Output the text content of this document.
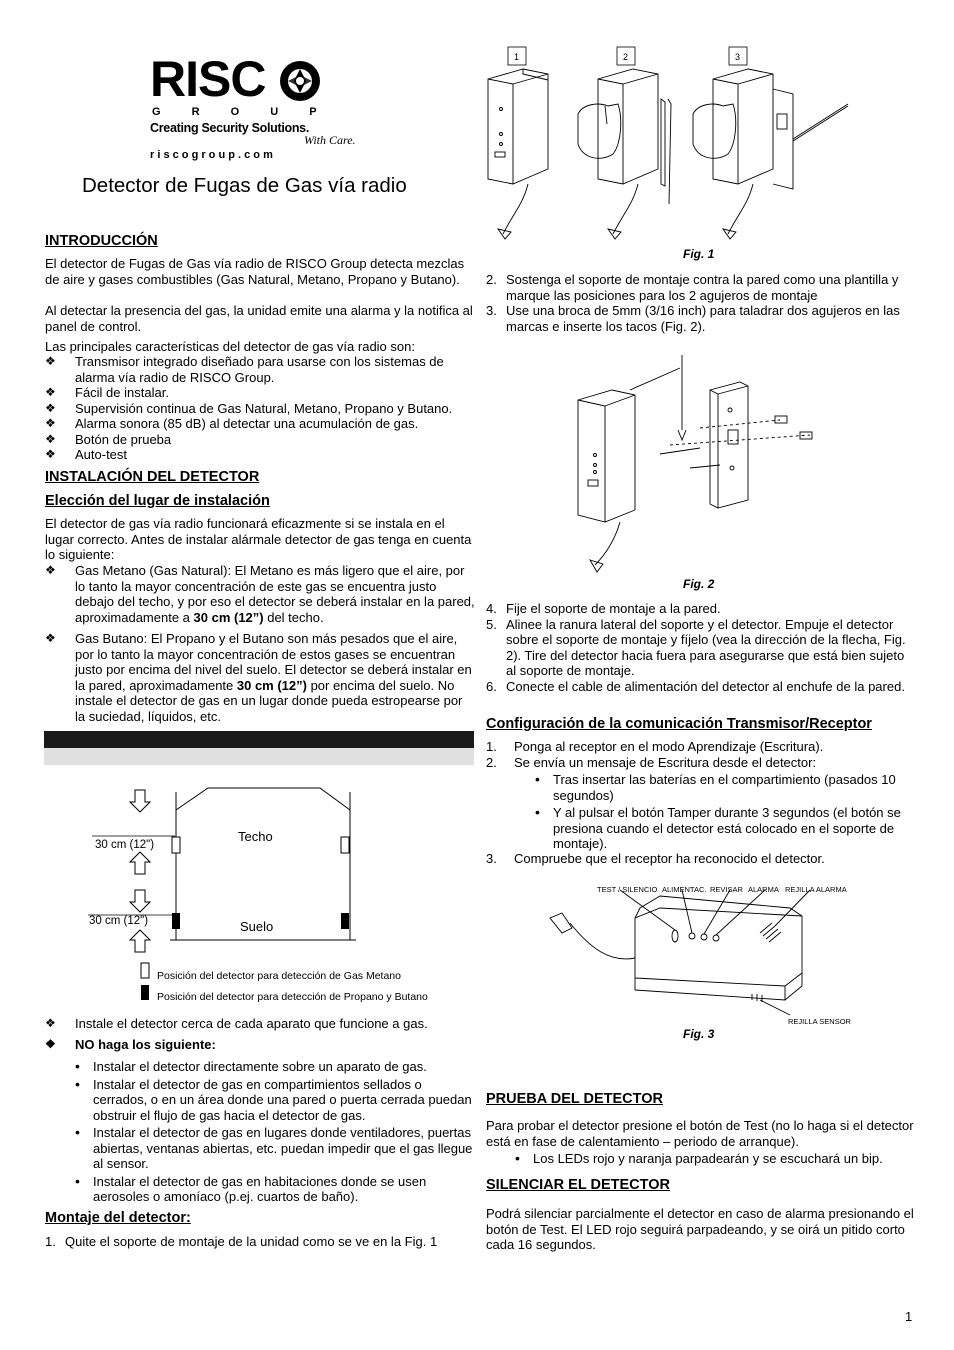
RISC
G R O U P
Creating Security Solutions.
With Care.
r i s c o g r o u p . c o m
Detector de Fugas de Gas vía radio
INTRODUCCIÓN

El detector de Fugas de Gas vía radio de RISCO Group detecta mezclas de aire y gases combustibles (Gas Natural, Metano, Propano y Butano).

Al detectar la presencia del gas, la unidad emite una alarma y la notifica al panel de control.

Las principales características del detector de gas vía radio son:

❖ Transmisor integrado diseñado para usarse con los sistemas de alarma vía radio de RISCO Group.
❖ Fácil de instalar.
❖ Supervisión continua de Gas Natural, Metano, Propano y Butano.
❖ Alarma sonora (85 dB) al detectar una acumulación de gas.
❖ Botón de prueba
❖ Auto-test
INSTALACIÓN DEL DETECTOR
Elección del lugar de instalación

El detector de gas vía radio funcionará eficazmente si se instala en el lugar correcto. Antes de instalar alármale detector de gas tenga en cuenta lo siguiente:

❖ Gas Metano (Gas Natural): El Metano es más ligero que el aire, por lo tanto la mayor concentración de este gas se encuentra justo debajo del techo, y por eso el detector se deberá instalar en la pared, aproximadamente a 30 cm (12”) del techo.
❖ Gas Butano: El Propano y el Butano son más pesados que el aire, por lo tanto la mayor concentración de estos gases se encuentran justo por encima del nivel del suelo. El detector se deberá instalar en la pared, aproximadamente 30 cm (12”) por encima del suelo. No instale el detector de gas en un lugar donde pueda estropearse por la suciedad, líquidos, etc.
Techo
Suelo
30 cm (12")
30 cm (12")
Posición del detector para detección de Gas Metano
Posición del detector para detección de Propano y Butano
❖ Instale el detector cerca de cada aparato que funcione a gas.
❖ NO haga los siguiente:
• Instalar el detector directamente sobre un aparato de gas.
• Instalar el detector de gas en compartimientos sellados o cerrados, o en un área donde una pared o puerta cerrada puedan obstruir el flujo de gas hacia el detector de gas.
• Instalar el detector de gas en lugares donde ventiladores, puertas abiertas, ventanas abiertas, etc. puedan impedir que el gas llegue al sensor.
• Instalar el detector de gas en habitaciones donde se usen aerosoles o amoníaco (p.ej. cuartos de baño).
Montaje del detector:
1. Quite el soporte de montaje de la unidad como se ve en la Fig. 1
1	2	3
Fig. 1
2. Sostenga el soporte de montaje contra la pared como una plantilla y marque las posiciones para los 2 agujeros de montaje
3. Use una broca de 5mm (3/16 inch) para taladrar dos agujeros en las marcas e inserte los tacos (Fig. 2).
Fig. 2
4. Fije el soporte de montaje a la pared.
5. Alinee la ranura lateral del soporte y el detector. Empuje el detector sobre el soporte de montaje y fíjelo (vea la dirección de la flecha, Fig. 2). Tire del detector hacia fuera para asegurarse que está bien sujeto al soporte de montaje.
6. Conecte el cable de alimentación del detector al enchufe de la pared.
Configuración de la comunicación Transmisor/Receptor
1. Ponga al receptor en el modo Aprendizaje (Escritura).
2. Se envía un mensaje de Escritura desde el detector:
• Tras insertar las baterías en el compartimiento (pasados 10 segundos)
• Y al pulsar el botón Tamper durante 3 segundos (el botón se presiona cuando el detector está colocado en el soporte de montaje).
3. Compruebe que el receptor ha reconocido el detector.
TEST / SILENCIO ALIMENTAC. REVISAR ALARMA REJILLA ALARMA
REJILLA SENSOR
Fig. 3
PRUEBA DEL DETECTOR

Para probar el detector presione el botón de Test (no lo haga si el detector está en fase de calentamiento – periodo de arranque).

• Los LEDs rojo y naranja parpadearán y se escuchará un bip.
SILENCIAR EL DETECTOR

Podrá silenciar parcialmente el detector en caso de alarma presionando el botón de Test. El LED rojo seguirá parpadeando, y se oirá un pitido corto cada 16 segundos.

1
